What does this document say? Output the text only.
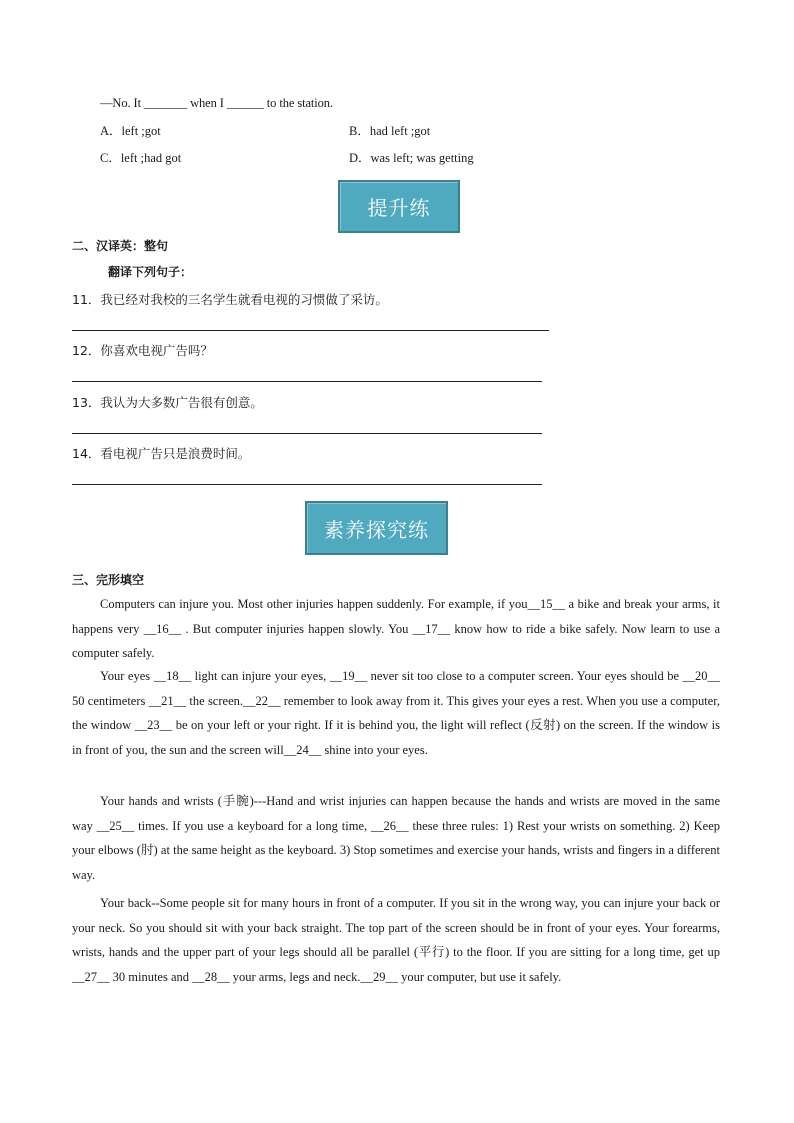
—No. It _______ when I ______ to the station.
A．left ;got	B．had left ;got
C．left ;had got	D．was left; was getting
提升练
二、汉译英：整句
翻译下列句子：
11．我已经对我校的三名学生就看电视的习惯做了采访。
12．你喜欢电视广告吗？
13．我认为大多数广告很有创意。
14．看电视广告只是浪费时间。
素养探究练
三、完形填空
Computers can injure you. Most other injuries happen suddenly. For example, if you__15__ a bike and break your arms, it happens very __16__ . But computer injuries happen slowly. You __17__ know how to ride a bike safely. Now learn to use a computer safely.
Your eyes __18__ light can injure your eyes, __19__ never sit too close to a computer screen. Your eyes should be __20__ 50 centimeters __21__ the screen.__22__ remember to look away from it. This gives your eyes a rest. When you use a computer, the window __23__ be on your left or your right. If it is behind you, the light will reflect (反射) on the screen. If the window is in front of you, the sun and the screen will__24__ shine into your eyes.
Your hands and wrists (手腕)---Hand and wrist injuries can happen because the hands and wrists are moved in the same way __25__ times. If you use a keyboard for a long time, __26__ these three rules: 1) Rest your wrists on something. 2) Keep your elbows (肘) at the same height as the keyboard. 3) Stop sometimes and exercise your hands, wrists and fingers in a different way.
Your back--Some people sit for many hours in front of a computer. If you sit in the wrong way, you can injure your back or your neck. So you should sit with your back straight. The top part of the screen should be in front of your eyes. Your forearms, wrists, hands and the upper part of your legs should all be parallel (平行) to the floor. If you are sitting for a long time, get up __27__ 30 minutes and __28__ your arms, legs and neck.__29__ your computer, but use it safely.
